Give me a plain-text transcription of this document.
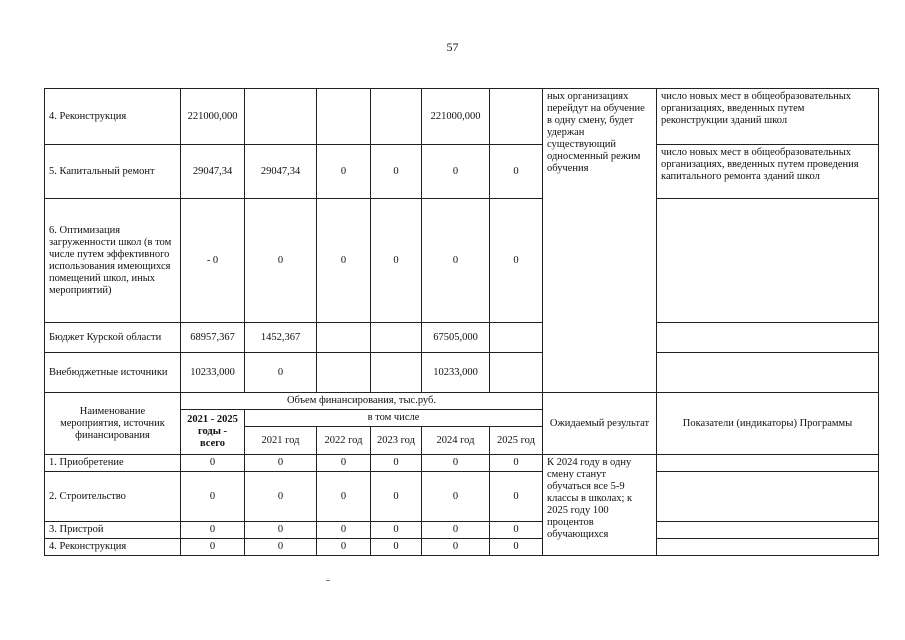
57
4. Реконструкция	221000,000				221000,000		ных организациях перейдут на обучение в одну смену, будет удержан существующий односменный режим обучения	число новых мест в общеобразовательных организациях, введенных путем реконструкции зданий школ
5. Капитальный ремонт	29047,34	29047,34	0	0	0	0		число новых мест в общеобразовательных организациях, введенных путем проведения капитального ремонта зданий школ
6. Оптимизация загруженности школ (в том числе путем эффективного использования имеющихся помещений школ, иных мероприятий)	- 0	0	0	0	0	0		
Бюджет Курской области	68957,367	1452,367			67505,000			
Внебюджетные источники	10233,000	0			10233,000			
Наименование мероприятия, источник финансирования	Объем финансирования, тыс.руб.						Ожидаемый результат	Показатели (индикаторы) Программы
	2021 - 2025 годы - всего	в том числе						
		2021 год	2022 год	2023 год	2024 год	2025 год		
1. Приобретение	0	0	0	0	0	0	К 2024 году в одну смену станут обучаться все 5-9 классы в школах; к 2025 году 100 процентов обучающихся	
2. Строительство	0	0	0	0	0	0		
3. Пристрой	0	0	0	0	0	0		
4. Реконструкция	0	0	0	0	0	0		
